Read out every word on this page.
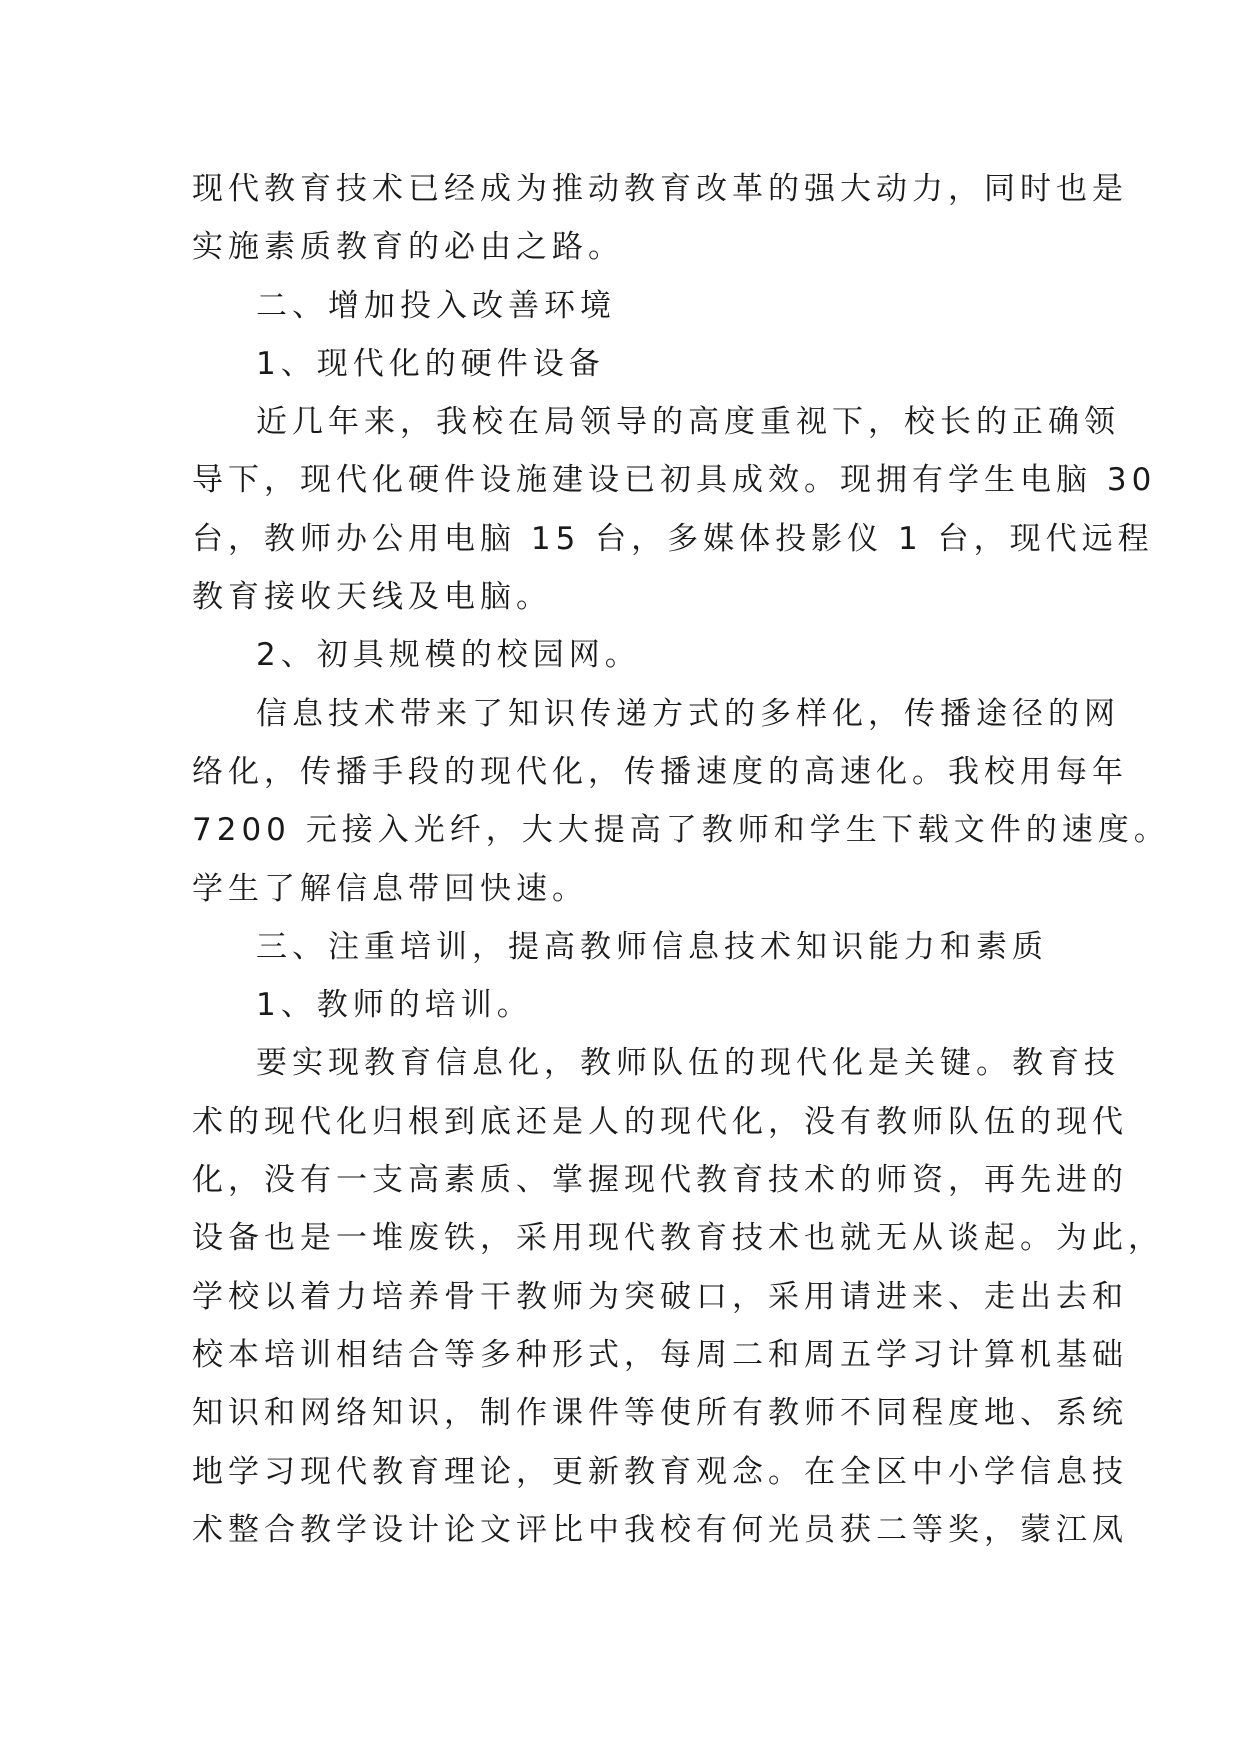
现代教育技术已经成为推动教育改革的强大动力，同时也是
实施素质教育的必由之路。
二、增加投入改善环境
1、现代化的硬件设备
近几年来，我校在局领导的高度重视下，校长的正确领
导下，现代化硬件设施建设已初具成效。现拥有学生电脑 30
台，教师办公用电脑 15 台，多媒体投影仪 1 台，现代远程
教育接收天线及电脑。
2、初具规模的校园网。
信息技术带来了知识传递方式的多样化，传播途径的网
络化，传播手段的现代化，传播速度的高速化。我校用每年
7200 元接入光纤，大大提高了教师和学生下载文件的速度。
学生了解信息带回快速。
三、注重培训，提高教师信息技术知识能力和素质
1、教师的培训。
要实现教育信息化，教师队伍的现代化是关键。教育技
术的现代化归根到底还是人的现代化，没有教师队伍的现代
化，没有一支高素质、掌握现代教育技术的师资，再先进的
设备也是一堆废铁，采用现代教育技术也就无从谈起。为此，
学校以着力培养骨干教师为突破口，采用请进来、走出去和
校本培训相结合等多种形式，每周二和周五学习计算机基础
知识和网络知识，制作课件等使所有教师不同程度地、系统
地学习现代教育理论，更新教育观念。在全区中小学信息技
术整合教学设计论文评比中我校有何光员获二等奖，蒙江凤
